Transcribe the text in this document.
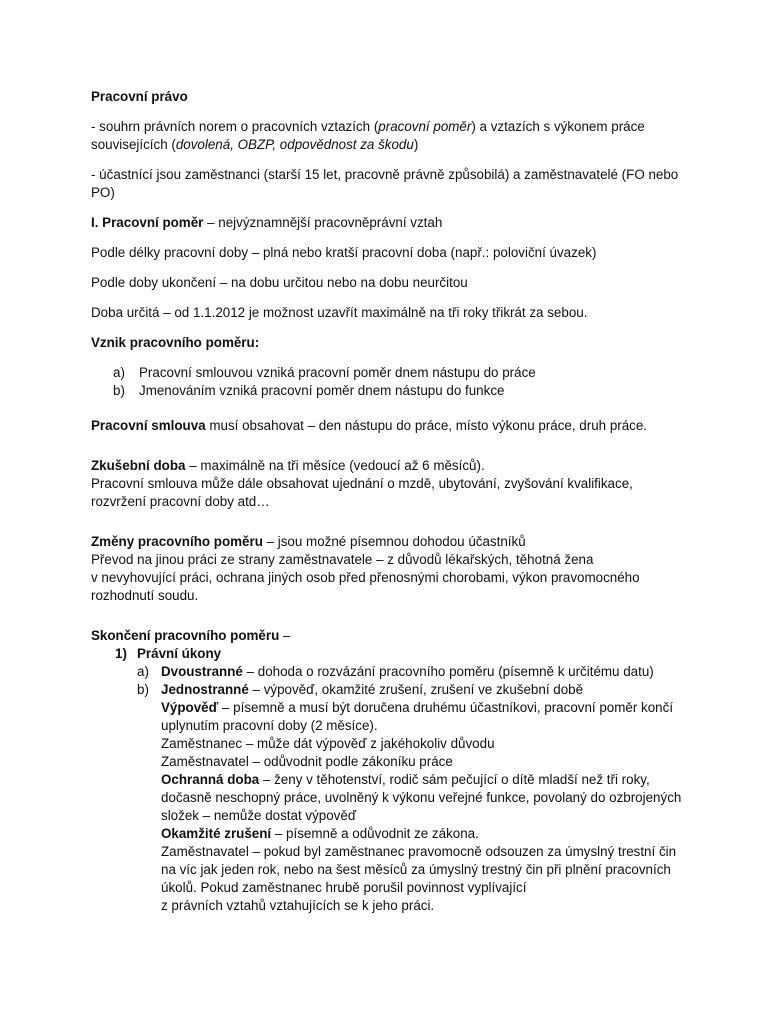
Pracovní právo

- souhrn právních norem o pracovních vztazích (pracovní poměr) a vztazích s výkonem práce souvisejících (dovolená, OBZP, odpovědnost za škodu)

- účastnící jsou zaměstnanci (starší 15 let, pracovně právně způsobilá) a zaměstnavatelé (FO nebo PO)

I. Pracovní poměr – nejvýznamnější pracovněprávní vztah

Podle délky pracovní doby – plná nebo kratší pracovní doba (např.: poloviční úvazek)

Podle doby ukončení – na dobu určitou nebo na dobu neurčitou

Doba určitá – od 1.1.2012 je možnost uzavřít maximálně na tři roky třikrát za sebou.

Vznik pracovního poměru:

a)	Pracovní smlouvou vzniká pracovní poměr dnem nástupu do práce
b)	Jmenováním vzniká pracovní poměr dnem nástupu do funkce

Pracovní smlouva musí obsahovat – den nástupu do práce, místo výkonu práce, druh práce.

Zkušební doba – maximálně na tři měsíce (vedoucí až 6 měsíců).

Pracovní smlouva může dále obsahovat ujednání o mzdě, ubytování, zvyšování kvalifikace, rozvržení pracovní doby atd…

Změny pracovního poměru – jsou možné písemnou dohodou účastníků

Převod na jinou práci ze strany zaměstnavatele – z důvodů lékařských, těhotná žena

v nevyhovující práci, ochrana jiných osob před přenosnými chorobami, výkon pravomocného rozhodnutí soudu.

Skončení pracovního poměru –

1) Právní úkony
a) Dvoustranné – dohoda o rozvázání pracovního poměru (písemně k určitému datu)
b) Jednostranné – výpověď, okamžité zrušení, zrušení ve zkušební době

Výpověď – písemně a musí být doručena druhému účastníkovi, pracovní poměr končí uplynutím pracovní doby (2 měsíce).

Zaměstnanec – může dát výpověď z jakéhokoliv důvodu

Zaměstnavatel – odůvodnit podle zákoníku práce

Ochranná doba – ženy v těhotenství, rodič sám pečující o dítě mladší než tři roky, dočasně neschopný práce, uvolněný k výkonu veřejné funkce, povolaný do ozbrojených složek – nemůže dostat výpověď

Okamžité zrušení – písemně a odůvodnit ze zákona.

Zaměstnavatel – pokud byl zaměstnanec pravomocně odsouzen za úmyslný trestní čin na víc jak jeden rok, nebo na šest měsíců za úmyslný trestný čin při plnění pracovních úkolů. Pokud zaměstnanec hrubě porušil povinnost vyplívající

z právních vztahů vztahujících se k jeho práci.
